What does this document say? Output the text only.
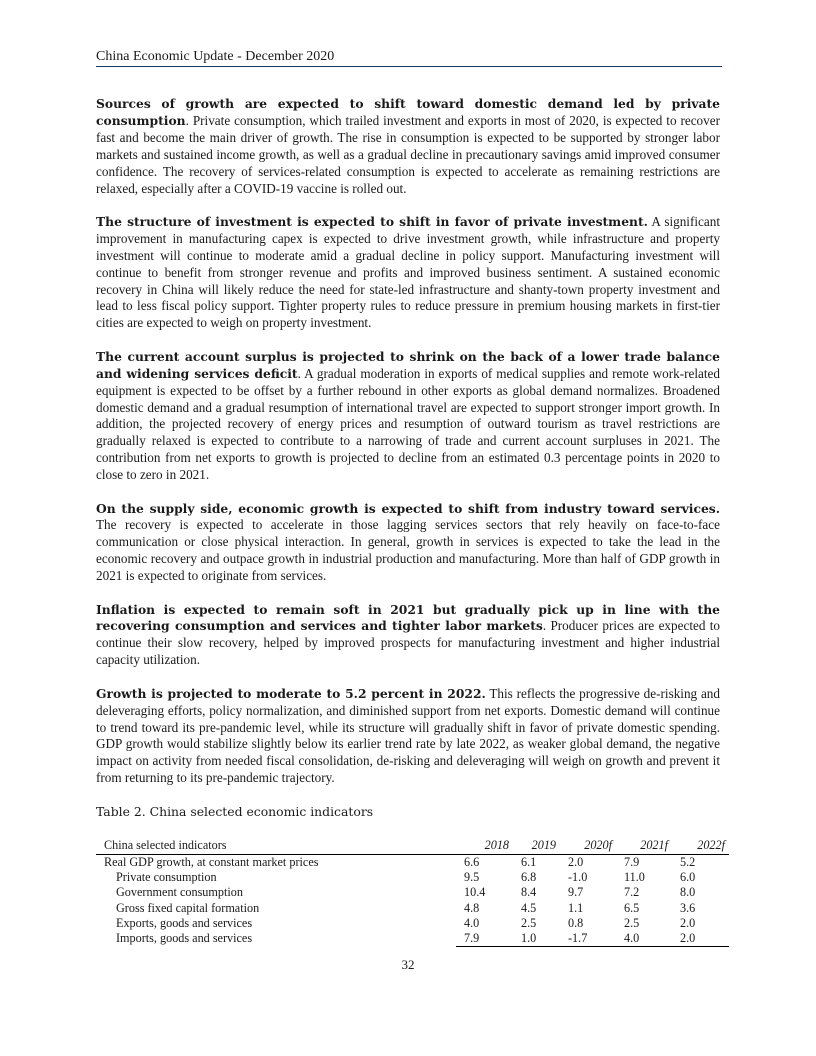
China Economic Update - December 2020

Sources of growth are expected to shift toward domestic demand led by private consumption. Private consumption, which trailed investment and exports in most of 2020, is expected to recover fast and become the main driver of growth. The rise in consumption is expected to be supported by stronger labor markets and sustained income growth, as well as a gradual decline in precautionary savings amid improved consumer confidence. The recovery of services-related consumption is expected to accelerate as remaining restrictions are relaxed, especially after a COVID-19 vaccine is rolled out.

The structure of investment is expected to shift in favor of private investment. A significant improvement in manufacturing capex is expected to drive investment growth, while infrastructure and property investment will continue to moderate amid a gradual decline in policy support. Manufacturing investment will continue to benefit from stronger revenue and profits and improved business sentiment. A sustained economic recovery in China will likely reduce the need for state-led infrastructure and shanty-town property investment and lead to less fiscal policy support. Tighter property rules to reduce pressure in premium housing markets in first-tier cities are expected to weigh on property investment.

The current account surplus is projected to shrink on the back of a lower trade balance and widening services deficit. A gradual moderation in exports of medical supplies and remote work-related equipment is expected to be offset by a further rebound in other exports as global demand normalizes. Broadened domestic demand and a gradual resumption of international travel are expected to support stronger import growth. In addition, the projected recovery of energy prices and resumption of outward tourism as travel restrictions are gradually relaxed is expected to contribute to a narrowing of trade and current account surpluses in 2021. The contribution from net exports to growth is projected to decline from an estimated 0.3 percentage points in 2020 to close to zero in 2021.

On the supply side, economic growth is expected to shift from industry toward services. The recovery is expected to accelerate in those lagging services sectors that rely heavily on face-to-face communication or close physical interaction. In general, growth in services is expected to take the lead in the economic recovery and outpace growth in industrial production and manufacturing. More than half of GDP growth in 2021 is expected to originate from services.

Inflation is expected to remain soft in 2021 but gradually pick up in line with the recovering consumption and services and tighter labor markets. Producer prices are expected to continue their slow recovery, helped by improved prospects for manufacturing investment and higher industrial capacity utilization.

Growth is projected to moderate to 5.2 percent in 2022. This reflects the progressive de-risking and deleveraging efforts, policy normalization, and diminished support from net exports. Domestic demand will continue to trend toward its pre-pandemic level, while its structure will gradually shift in favor of private domestic spending. GDP growth would stabilize slightly below its earlier trend rate by late 2022, as weaker global demand, the negative impact on activity from needed fiscal consolidation, de-risking and deleveraging will weigh on growth and prevent it from returning to its pre-pandemic trajectory.

Table 2. China selected economic indicators
China selected indicators	2018	2019	2020f	2021f	2022f
Real GDP growth, at constant market prices	6.6	6.1	2.0	7.9	5.2
Private consumption	9.5	6.8	-1.0	11.0	6.0
Government consumption	10.4	8.4	9.7	7.2	8.0
Gross fixed capital formation	4.8	4.5	1.1	6.5	3.6
Exports, goods and services	4.0	2.5	0.8	2.5	2.0
Imports, goods and services	7.9	1.0	-1.7	4.0	2.0
32
